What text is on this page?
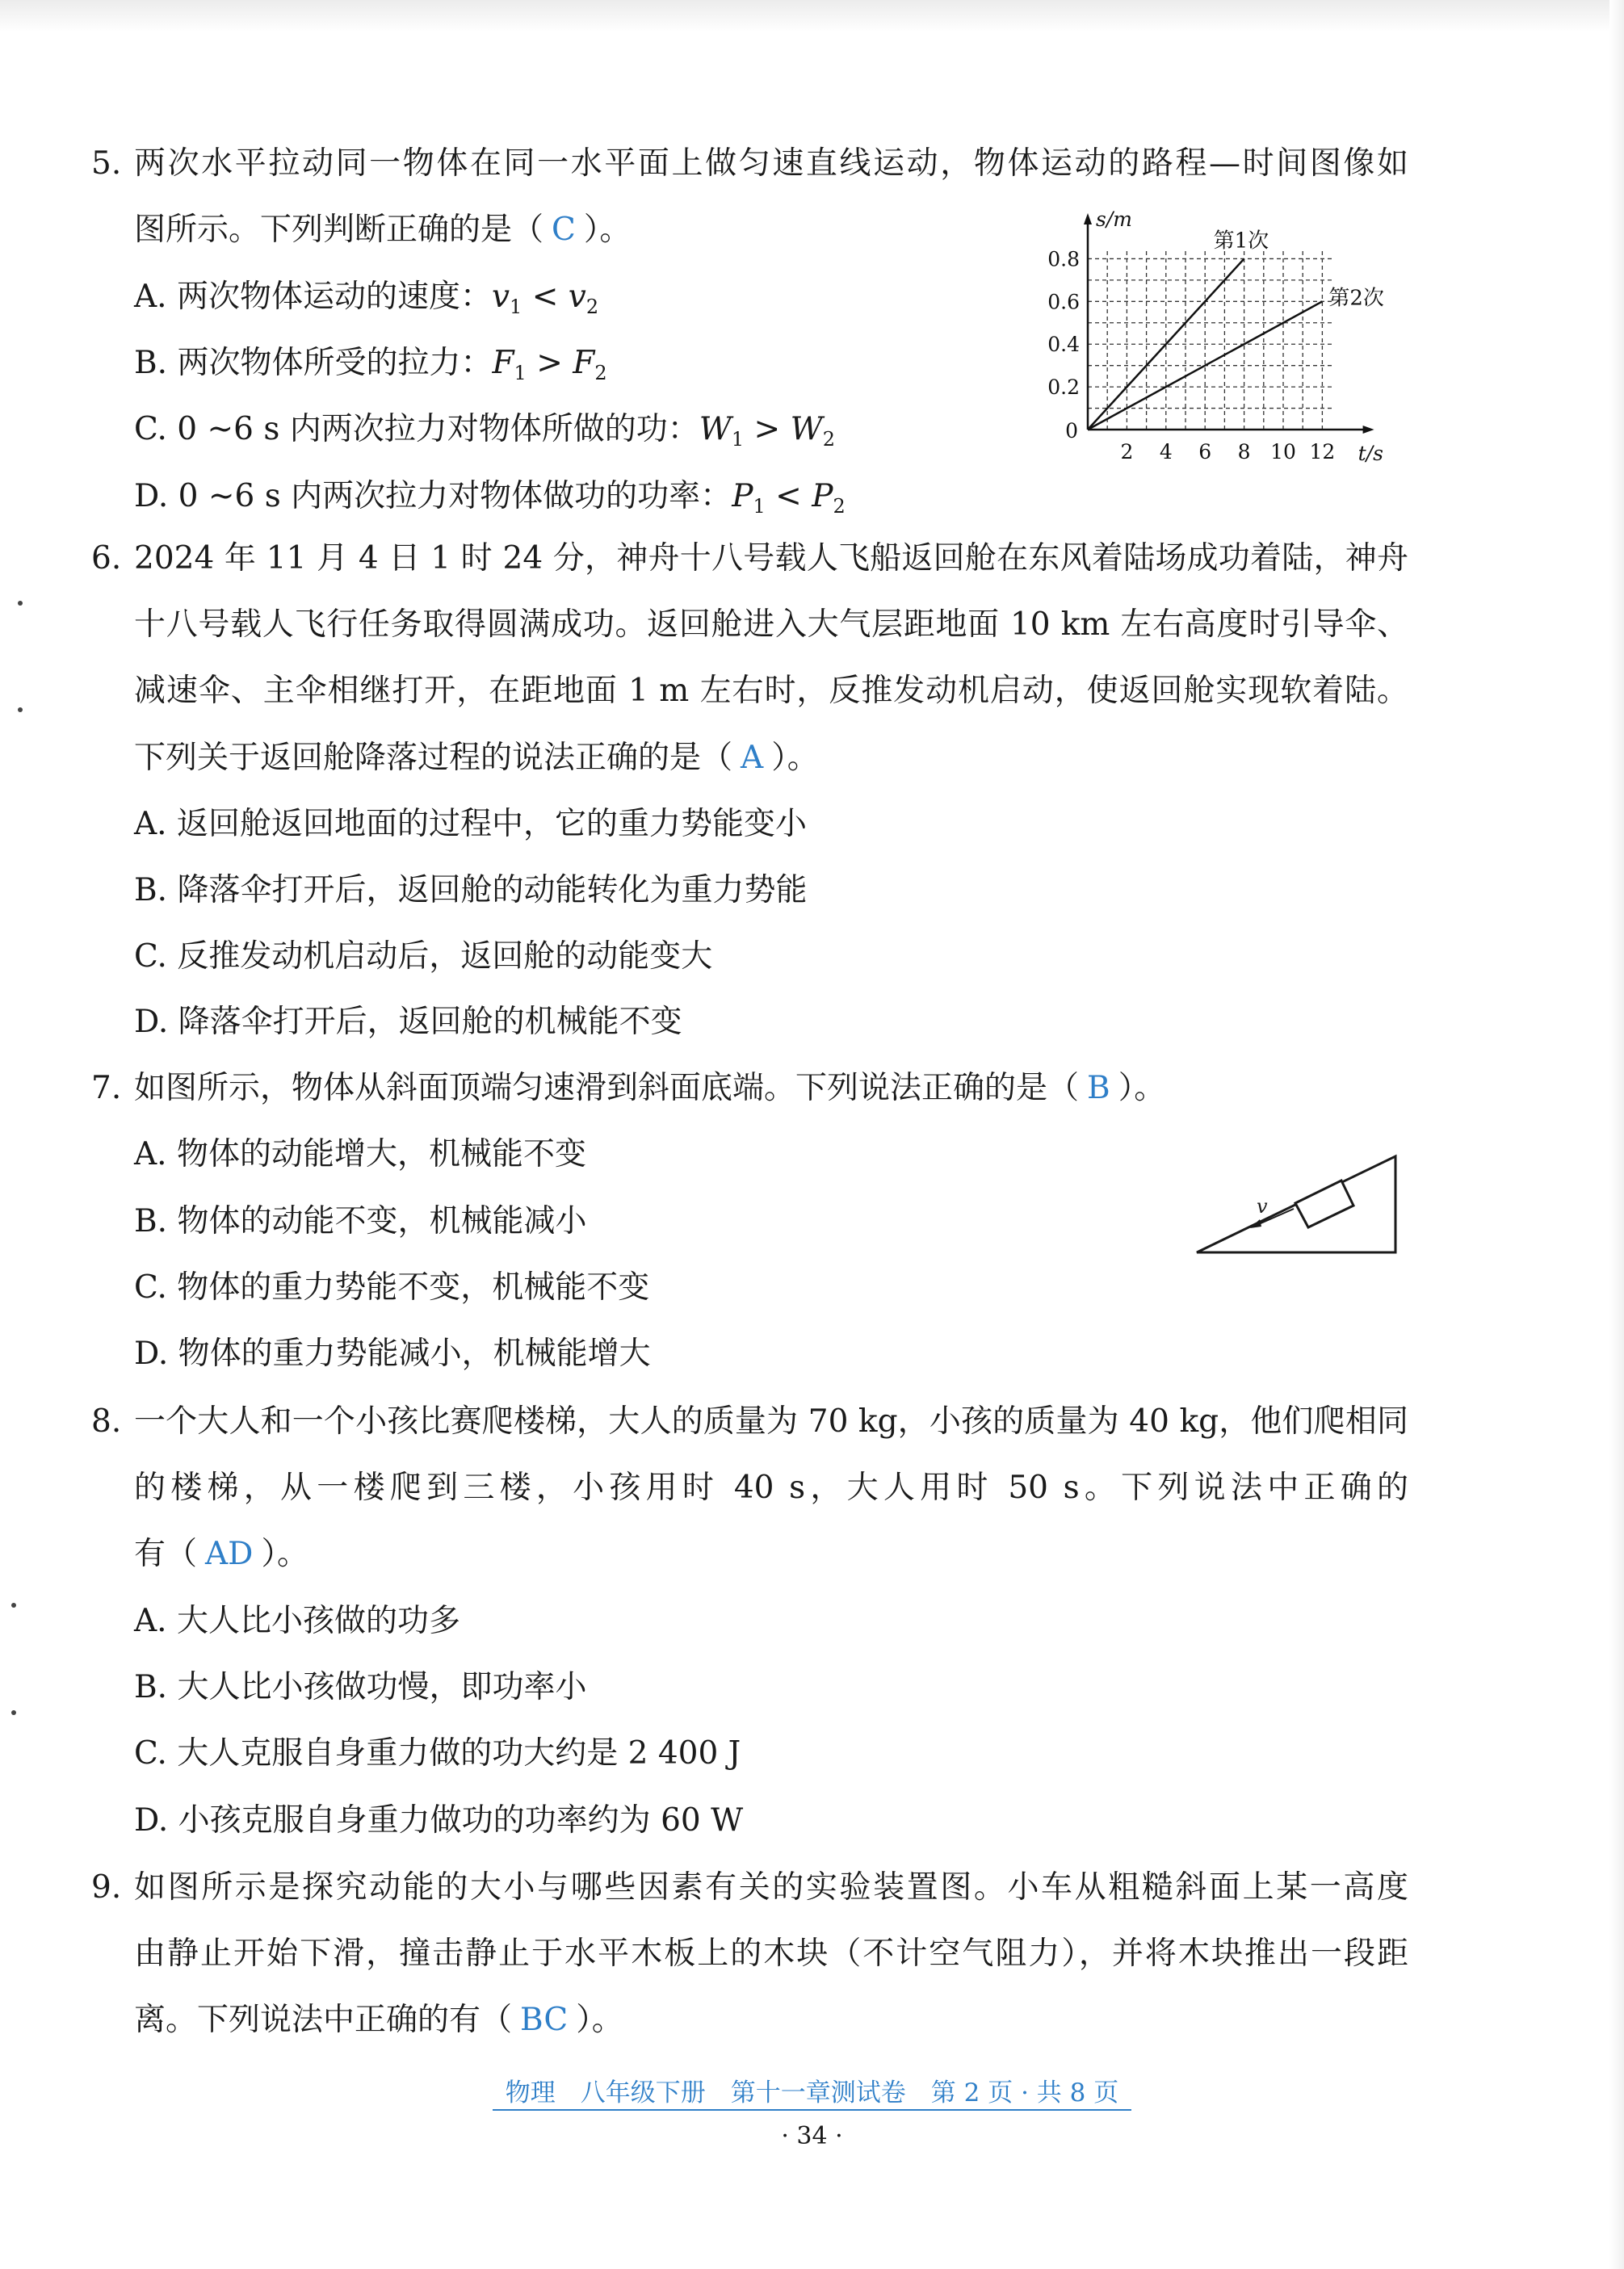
5. 两次水平拉动同一物体在同一水平面上做匀速直线运动，物体运动的路程—时间图像如
图所示。下列判断正确的是（ C ）。
A. 两次物体运动的速度：$v_1 < v_2$
B. 两次物体所受的拉力：$F_1 > F_2$
C. 0 ~6 s 内两次拉力对物体所做的功：$W_1 > W_2$
D. 0 ~6 s 内两次拉力对物体做功的功率：$P_1 < P_2$
第1次
第2次
2 4 6 8 10 12
0.2
0.4
0.6
0.8
0
s/m
t/s
6. 2024 年 11 月 4 日 1 时 24 分，神舟十八号载人飞船返回舱在东风着陆场成功着陆，神舟
十八号载人飞行任务取得圆满成功。返回舱进入大气层距地面 10 km 左右高度时引导伞、
减速伞、主伞相继打开，在距地面 1 m 左右时，反推发动机启动，使返回舱实现软着陆。
下列关于返回舱降落过程的说法正确的是（ A ）。
A. 返回舱返回地面的过程中，它的重力势能变小
B. 降落伞打开后，返回舱的动能转化为重力势能
C. 反推发动机启动后，返回舱的动能变大
D. 降落伞打开后，返回舱的机械能不变
7. 如图所示，物体从斜面顶端匀速滑到斜面底端。下列说法正确的是（ B ）。
A. 物体的动能增大，机械能不变
B. 物体的动能不变，机械能减小
C. 物体的重力势能不变，机械能不变
D. 物体的重力势能减小，机械能增大
v
8. 一个大人和一个小孩比赛爬楼梯，大人的质量为 70 kg，小孩的质量为 40 kg，他们爬相同
的楼梯，从一楼爬到三楼，小孩用时 40 s，大人用时 50 s。下列说法中正确的
有（ AD ）。
A. 大人比小孩做的功多
B. 大人比小孩做功慢，即功率小
C. 大人克服自身重力做的功大约是 2 400 J
D. 小孩克服自身重力做功的功率约为 60 W
9. 如图所示是探究动能的大小与哪些因素有关的实验装置图。小车从粗糙斜面上某一高度
由静止开始下滑，撞击静止于水平木板上的木块（不计空气阻力），并将木块推出一段距
离。下列说法中正确的有（ BC ）。
物理　八年级下册　第十一章测试卷　第 2 页 · 共 8 页
· 34 ·
